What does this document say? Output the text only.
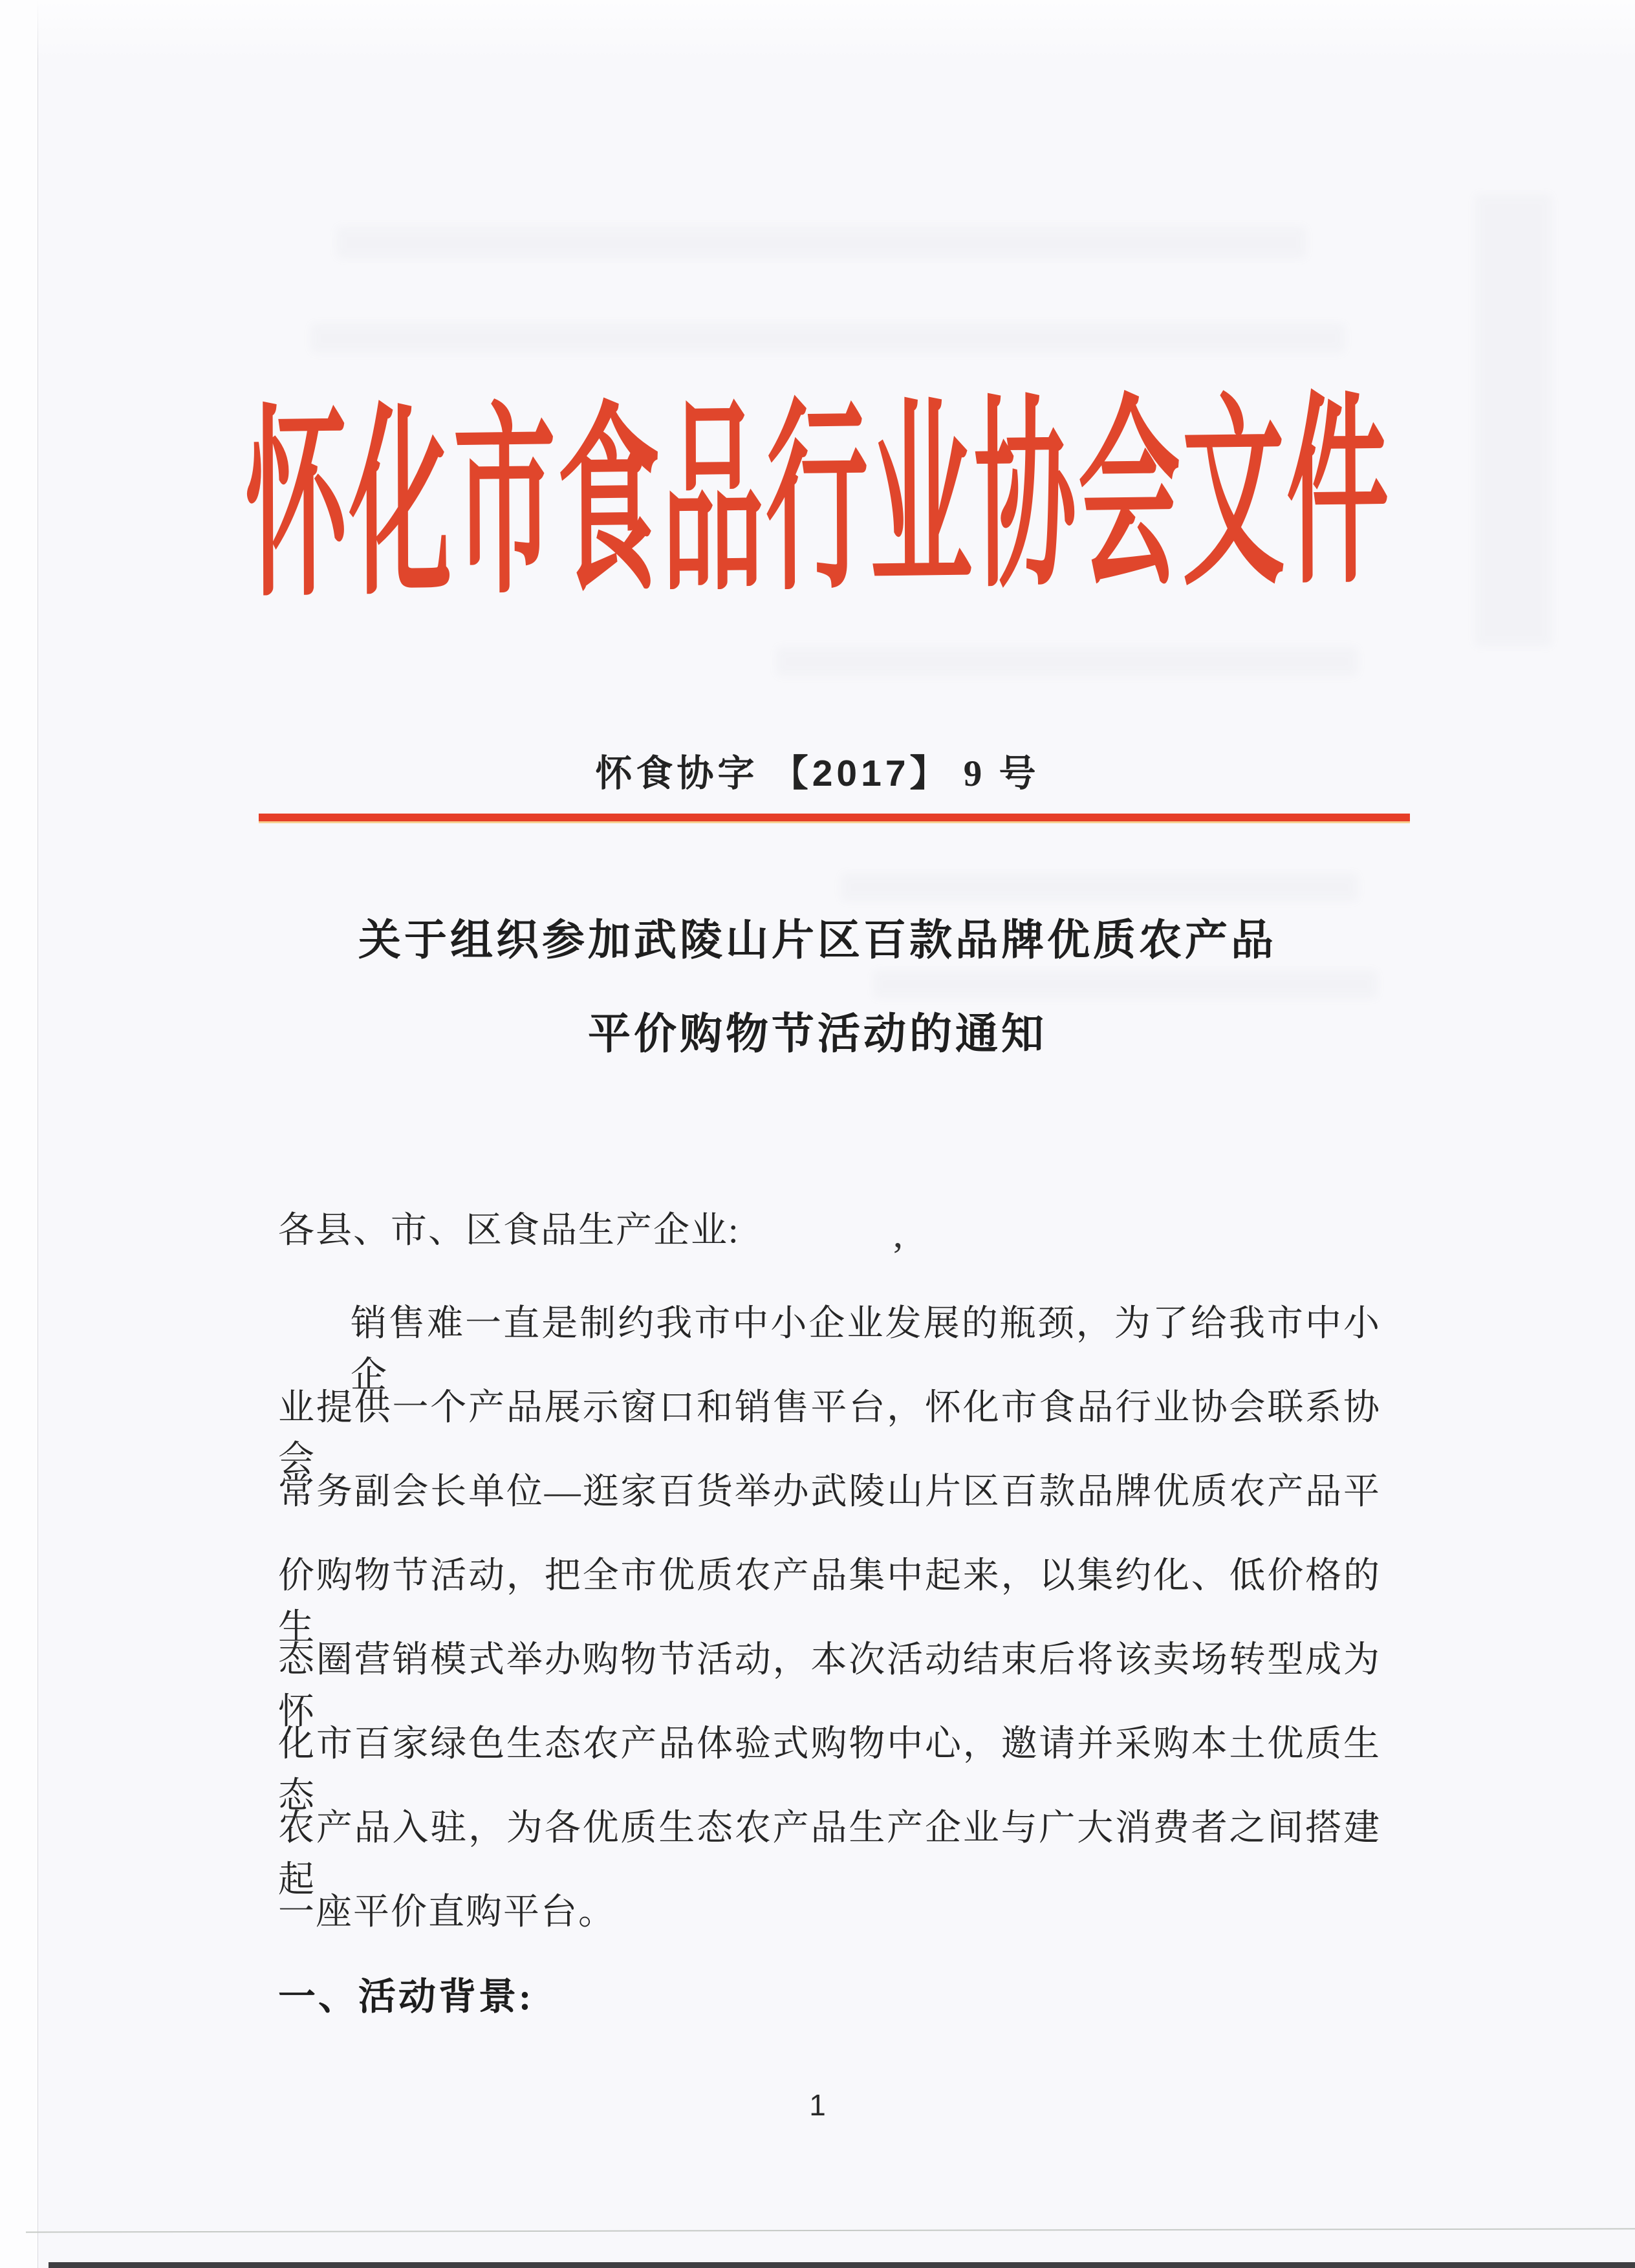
怀化市食品行业协会文件
怀食协字 【2017】 9 号
关于组织参加武陵山片区百款品牌优质农产品
平价购物节活动的通知
各县、市、区食品生产企业:
’
销售难一直是制约我市中小企业发展的瓶颈，为了给我市中小企
业提供一个产品展示窗口和销售平台，怀化市食品行业协会联系协会
常务副会长单位—逛家百货举办武陵山片区百款品牌优质农产品平
价购物节活动，把全市优质农产品集中起来，以集约化、低价格的生
态圈营销模式举办购物节活动，本次活动结束后将该卖场转型成为怀
化市百家绿色生态农产品体验式购物中心，邀请并采购本土优质生态
农产品入驻，为各优质生态农产品生产企业与广大消费者之间搭建起
一座平价直购平台。
一、活动背景:
1
